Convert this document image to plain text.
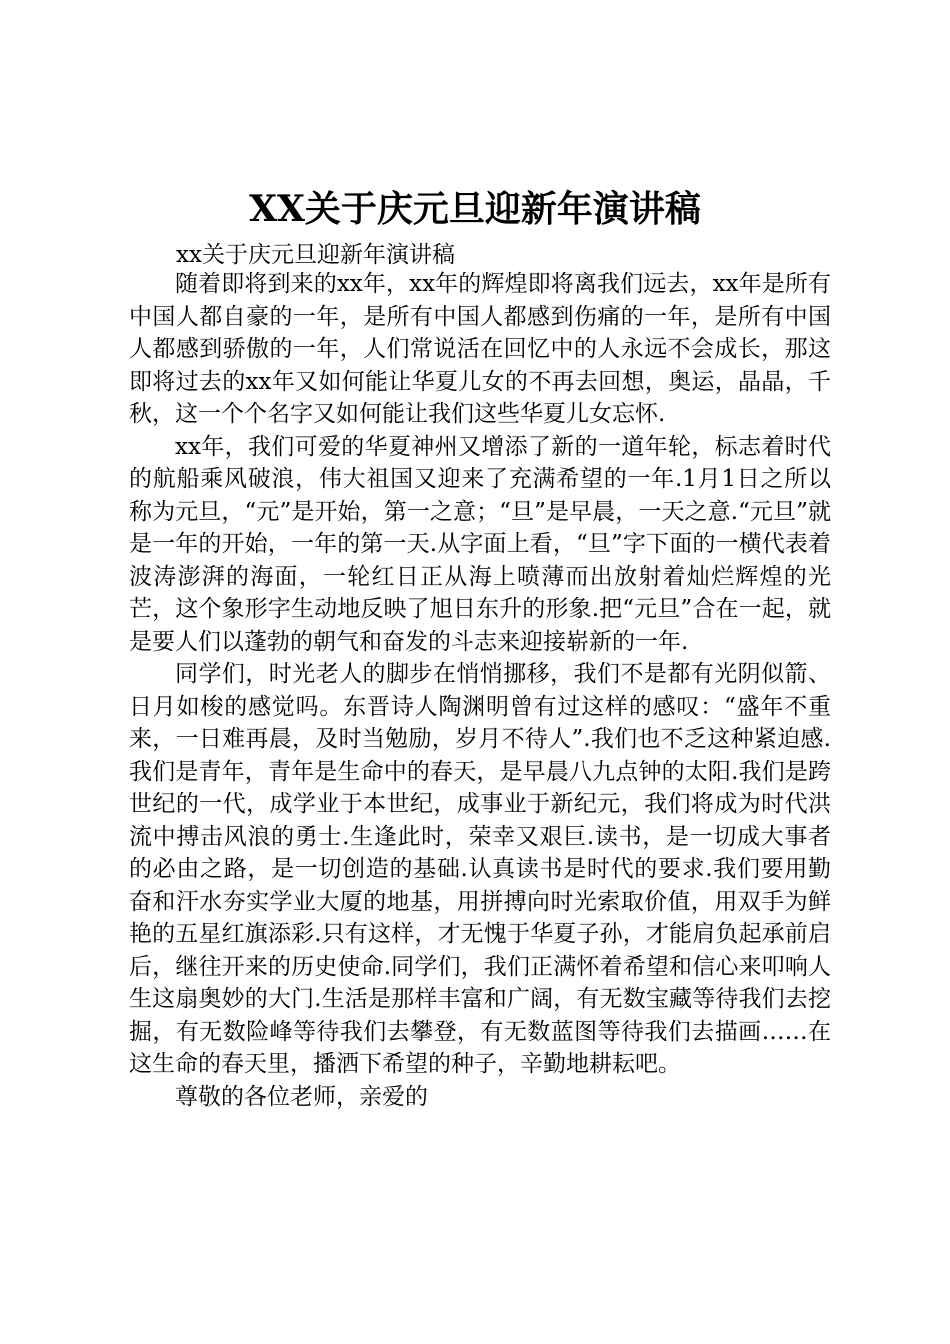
XX关于庆元旦迎新年演讲稿
xx关于庆元旦迎新年演讲稿

随着即将到来的xx年，xx年的辉煌即将离我们远去，xx年是所有中国人都自豪的一年，是所有中国人都感到伤痛的一年，是所有中国人都感到骄傲的一年，人们常说活在回忆中的人永远不会成长，那这即将过去的xx年又如何能让华夏儿女的不再去回想，奥运，晶晶，千秋，这一个个名字又如何能让我们这些华夏儿女忘怀.

xx年，我们可爱的华夏神州又增添了新的一道年轮，标志着时代的航船乘风破浪，伟大祖国又迎来了充满希望的一年.1月1日之所以称为元旦，“元”是开始，第一之意；“旦”是早晨，一天之意.“元旦”就是一年的开始，一年的第一天.从字面上看，“旦”字下面的一横代表着波涛澎湃的海面，一轮红日正从海上喷薄而出放射着灿烂辉煌的光芒，这个象形字生动地反映了旭日东升的形象.把“元旦”合在一起，就是要人们以蓬勃的朝气和奋发的斗志来迎接崭新的一年.

同学们，时光老人的脚步在悄悄挪移，我们不是都有光阴似箭、日月如梭的感觉吗。东晋诗人陶渊明曾有过这样的感叹：“盛年不重来，一日难再晨，及时当勉励，岁月不待人”.我们也不乏这种紧迫感.我们是青年，青年是生命中的春天，是早晨八九点钟的太阳.我们是跨世纪的一代，成学业于本世纪，成事业于新纪元，我们将成为时代洪流中搏击风浪的勇士.生逢此时，荣幸又艰巨.读书，是一切成大事者的必由之路，是一切创造的基础.认真读书是时代的要求.我们要用勤奋和汗水夯实学业大厦的地基，用拼搏向时光索取价值，用双手为鲜艳的五星红旗添彩.只有这样，才无愧于华夏子孙，才能肩负起承前启后，继往开来的历史使命.同学们，我们正满怀着希望和信心来叩响人生这扇奥妙的大门.生活是那样丰富和广阔，有无数宝藏等待我们去挖掘，有无数险峰等待我们去攀登，有无数蓝图等待我们去描画……在这生命的春天里，播洒下希望的种子，辛勤地耕耘吧。

尊敬的各位老师，亲爱的
